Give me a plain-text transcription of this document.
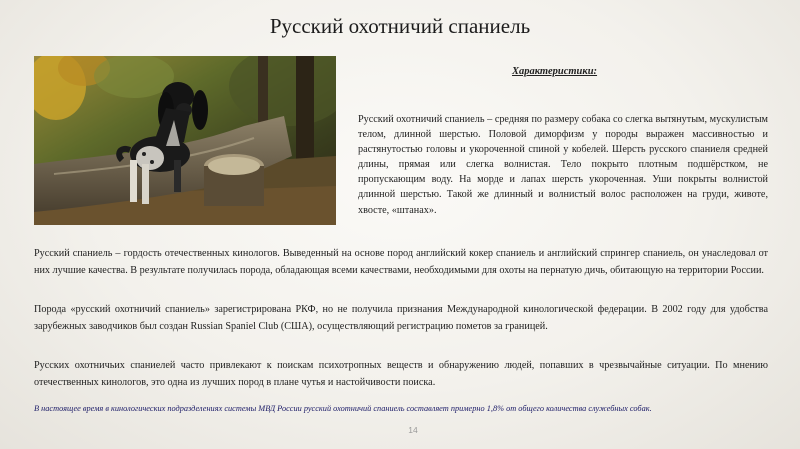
Русский охотничий спаниель
Характеристики:

Русский охотничий спаниель – средняя по размеру собака со слегка вытянутым, мускулистым телом, длинной шерстью. Половой диморфизм у породы выражен массивностью и растянутостью головы и укороченной спиной у кобелей. Шерсть русского спаниеля средней длины, прямая или слегка волнистая. Тело покрыто плотным подшёрстком, не пропускающим воду. На морде и лапах шерсть укороченная. Уши покрыты волнистой длинной шерстью. Такой же длинный и волнистый волос расположен на груди, животе, хвосте, «штанах».

Русский спаниель – гордость отечественных кинологов. Выведенный на основе пород английский кокер спаниель и английский спрингер спаниель, он унаследовал от них лучшие качества. В результате получилась порода, обладающая всеми качествами, необходимыми для охоты на пернатую дичь, обитающую на территории России.

Порода «русский охотничий спаниель» зарегистрирована РКФ, но не получила признания Международной кинологической федерации. В 2002 году для удобства зарубежных заводчиков был создан Russian Spaniel Club (США), осуществляющий регистрацию пометов за границей.

Русских охотничьих спаниелей часто привлекают к поискам психотропных веществ и обнаружению людей, попавших в чрезвычайные ситуации. По мнению отечественных кинологов, это одна из лучших пород в плане чутья и настойчивости поиска.

В настоящее время в кинологических подразделениях системы МВД России русский охотничий спаниель составляет примерно 1,8% от общего количества служебных собак.

14
